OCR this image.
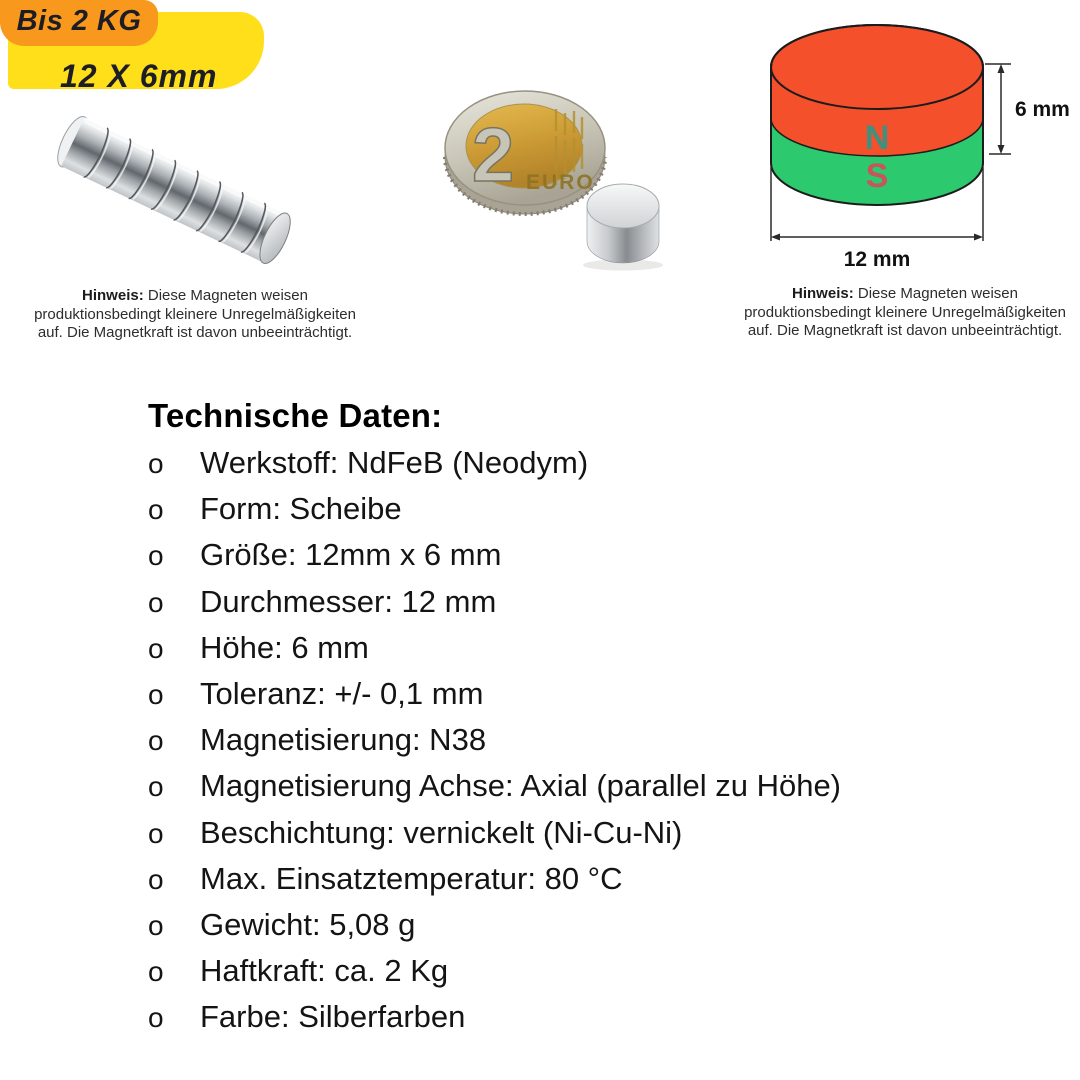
12 X 6mm
Bis 2 KG
2 EURO
N
S
6 mm
12 mm

Hinweis: Diese Magneten weisen produktionsbedingt kleinere Unregelmäßigkeiten auf. Die Magnetkraft ist davon unbeeinträchtigt.

Hinweis: Diese Magneten weisen produktionsbedingt kleinere Unregelmäßigkeiten auf. Die Magnetkraft ist davon unbeeinträchtigt.

Technische Daten:
o	Werkstoff: NdFeB (Neodym)
o	Form: Scheibe
o	Größe: 12mm x 6 mm
o	Durchmesser: 12 mm
o	Höhe: 6 mm
o	Toleranz: +/- 0,1 mm
o	Magnetisierung: N38
o	Magnetisierung Achse: Axial (parallel zu Höhe)
o	Beschichtung: vernickelt (Ni-Cu-Ni)
o	Max. Einsatztemperatur: 80 °C
o	Gewicht: 5,08 g
o	Haftkraft: ca. 2 Kg
o	Farbe: Silberfarben
